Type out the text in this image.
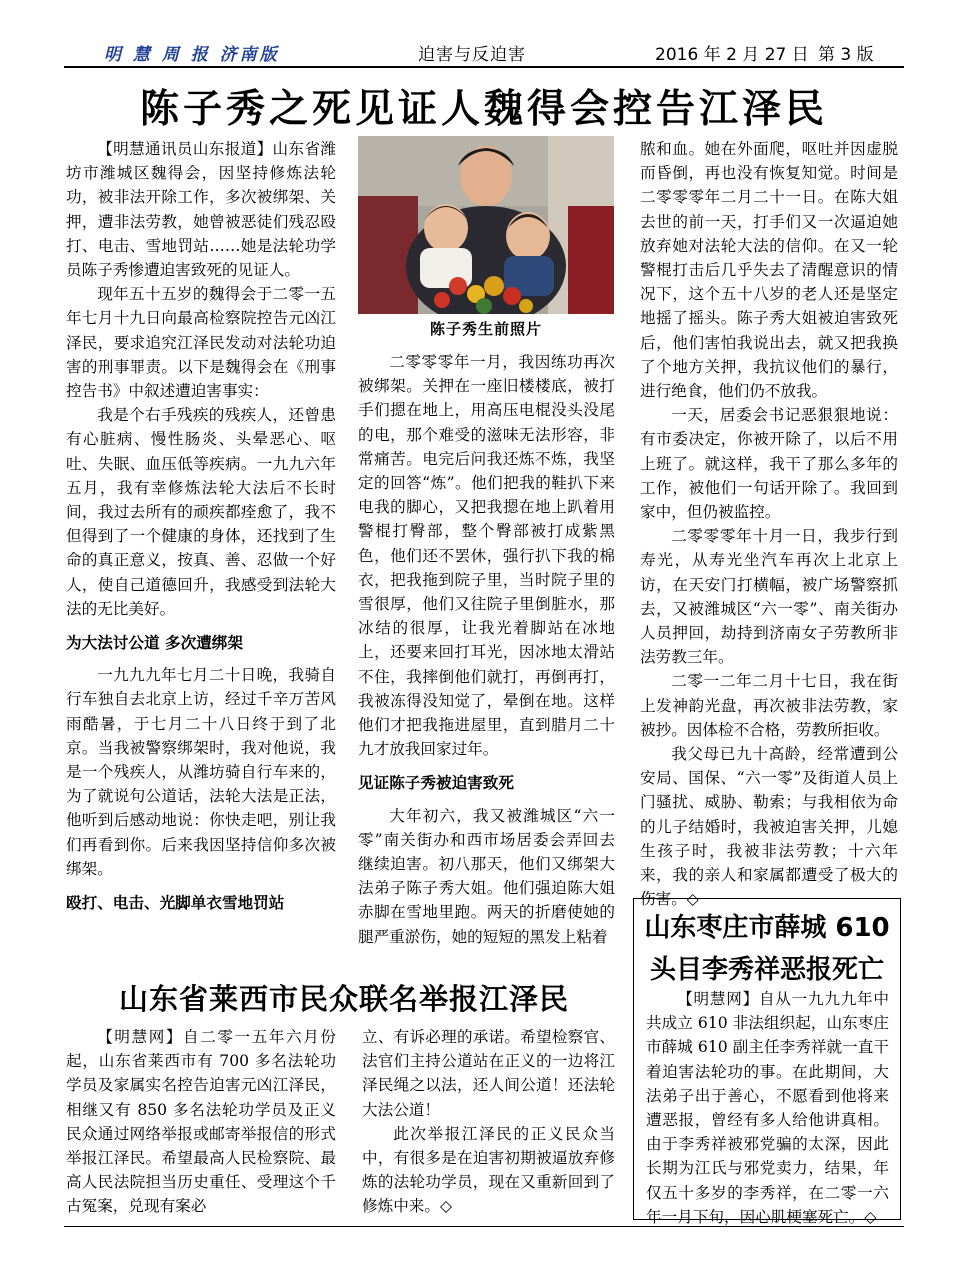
明 慧 周 报 济南版	迫害与反迫害	2016 年 2 月 27 日 第 3 版
陈子秀之死见证人魏得会控告江泽民

【明慧通讯员山东报道】山东省潍坊市潍城区魏得会，因坚持修炼法轮功，被非法开除工作，多次被绑架、关押，遭非法劳教，她曾被恶徒们残忍殴打、电击、雪地罚站……她是法轮功学员陈子秀惨遭迫害致死的见证人。

现年五十五岁的魏得会于二零一五年七月十九日向最高检察院控告元凶江泽民，要求追究江泽民发动对法轮功迫害的刑事罪责。以下是魏得会在《刑事控告书》中叙述遭迫害事实：

我是个右手残疾的残疾人，还曾患有心脏病、慢性肠炎、头晕恶心、呕吐、失眠、血压低等疾病。一九九六年五月，我有幸修炼法轮大法后不长时间，我过去所有的顽疾都痊愈了，我不但得到了一个健康的身体，还找到了生命的真正意义，按真、善、忍做一个好人，使自己道德回升，我感受到法轮大法的无比美好。

为大法讨公道 多次遭绑架

一九九九年七月二十日晚，我骑自行车独自去北京上访，经过千辛万苦风雨酷暑，于七月二十八日终于到了北京。当我被警察绑架时，我对他说，我是一个残疾人，从潍坊骑自行车来的，为了就说句公道话，法轮大法是正法，他听到后感动地说：你快走吧，别让我们再看到你。后来我因坚持信仰多次被绑架。

殴打、电击、光脚单衣雪地罚站

陈子秀生前照片

二零零零年一月，我因练功再次被绑架。关押在一座旧楼楼底，被打手们摁在地上，用高压电棍没头没尾的电，那个难受的滋味无法形容，非常痛苦。电完后问我还炼不炼，我坚定的回答“炼”。他们把我的鞋扒下来电我的脚心，又把我摁在地上趴着用警棍打臀部，整个臀部被打成紫黑色，他们还不罢休，强行扒下我的棉衣，把我拖到院子里，当时院子里的雪很厚，他们又往院子里倒脏水，那冰结的很厚，让我光着脚站在冰地上，还要来回打耳光，因冰地太滑站不住，我摔倒他们就打，再倒再打，我被冻得没知觉了，晕倒在地。这样他们才把我拖进屋里，直到腊月二十九才放我回家过年。

见证陈子秀被迫害致死

大年初六，我又被潍城区“六一零”南关街办和西市场居委会弄回去继续迫害。初八那天，他们又绑架大法弟子陈子秀大姐。他们强迫陈大姐赤脚在雪地里跑。两天的折磨使她的腿严重淤伤，她的短短的黑发上粘着

脓和血。她在外面爬，呕吐并因虚脱而昏倒，再也没有恢复知觉。时间是二零零零年二月二十一日。在陈大姐去世的前一天，打手们又一次逼迫她放弃她对法轮大法的信仰。在又一轮警棍打击后几乎失去了清醒意识的情况下，这个五十八岁的老人还是坚定地摇了摇头。陈子秀大姐被迫害致死后，他们害怕我说出去，就又把我换了个地方关押，我抗议他们的暴行，进行绝食，他们仍不放我。

一天，居委会书记恶狠狠地说：有市委决定，你被开除了，以后不用上班了。就这样，我干了那么多年的工作，被他们一句话开除了。我回到家中，但仍被监控。

二零零零年十月一日，我步行到寿光，从寿光坐汽车再次上北京上访，在天安门打横幅，被广场警察抓去，又被潍城区“六一零”、南关街办人员押回，劫持到济南女子劳教所非法劳教三年。

二零一二年二月十七日，我在街上发神韵光盘，再次被非法劳教，家被抄。因体检不合格，劳教所拒收。

我父母已九十高龄，经常遭到公安局、国保、“六一零”及街道人员上门骚扰、威胁、勒索；与我相依为命的儿子结婚时，我被迫害关押，儿媳生孩子时，我被非法劳教；十六年来，我的亲人和家属都遭受了极大的伤害。◇

山东省莱西市民众联名举报江泽民

【明慧网】自二零一五年六月份起，山东省莱西市有 700 多名法轮功学员及家属实名控告迫害元凶江泽民，相继又有 850 多名法轮功学员及正义民众通过网络举报或邮寄举报信的形式举报江泽民。希望最高人民检察院、最高人民法院担当历史重任、受理这个千古冤案，兑现有案必

立、有诉必理的承诺。希望检察官、法官们主持公道站在正义的一边将江泽民绳之以法，还人间公道！还法轮大法公道！

此次举报江泽民的正义民众当中，有很多是在迫害初期被逼放弃修炼的法轮功学员，现在又重新回到了修炼中来。◇

山东枣庄市薛城 610
头目李秀祥恶报死亡

【明慧网】自从一九九九年中共成立 610 非法组织起，山东枣庄市薛城 610 副主任李秀祥就一直干着迫害法轮功的事。在此期间，大法弟子出于善心，不愿看到他将来遭恶报，曾经有多人给他讲真相。由于李秀祥被邪党骗的太深，因此长期为江氏与邪党卖力，结果，年仅五十多岁的李秀祥，在二零一六年一月下旬，因心肌梗塞死亡。◇
